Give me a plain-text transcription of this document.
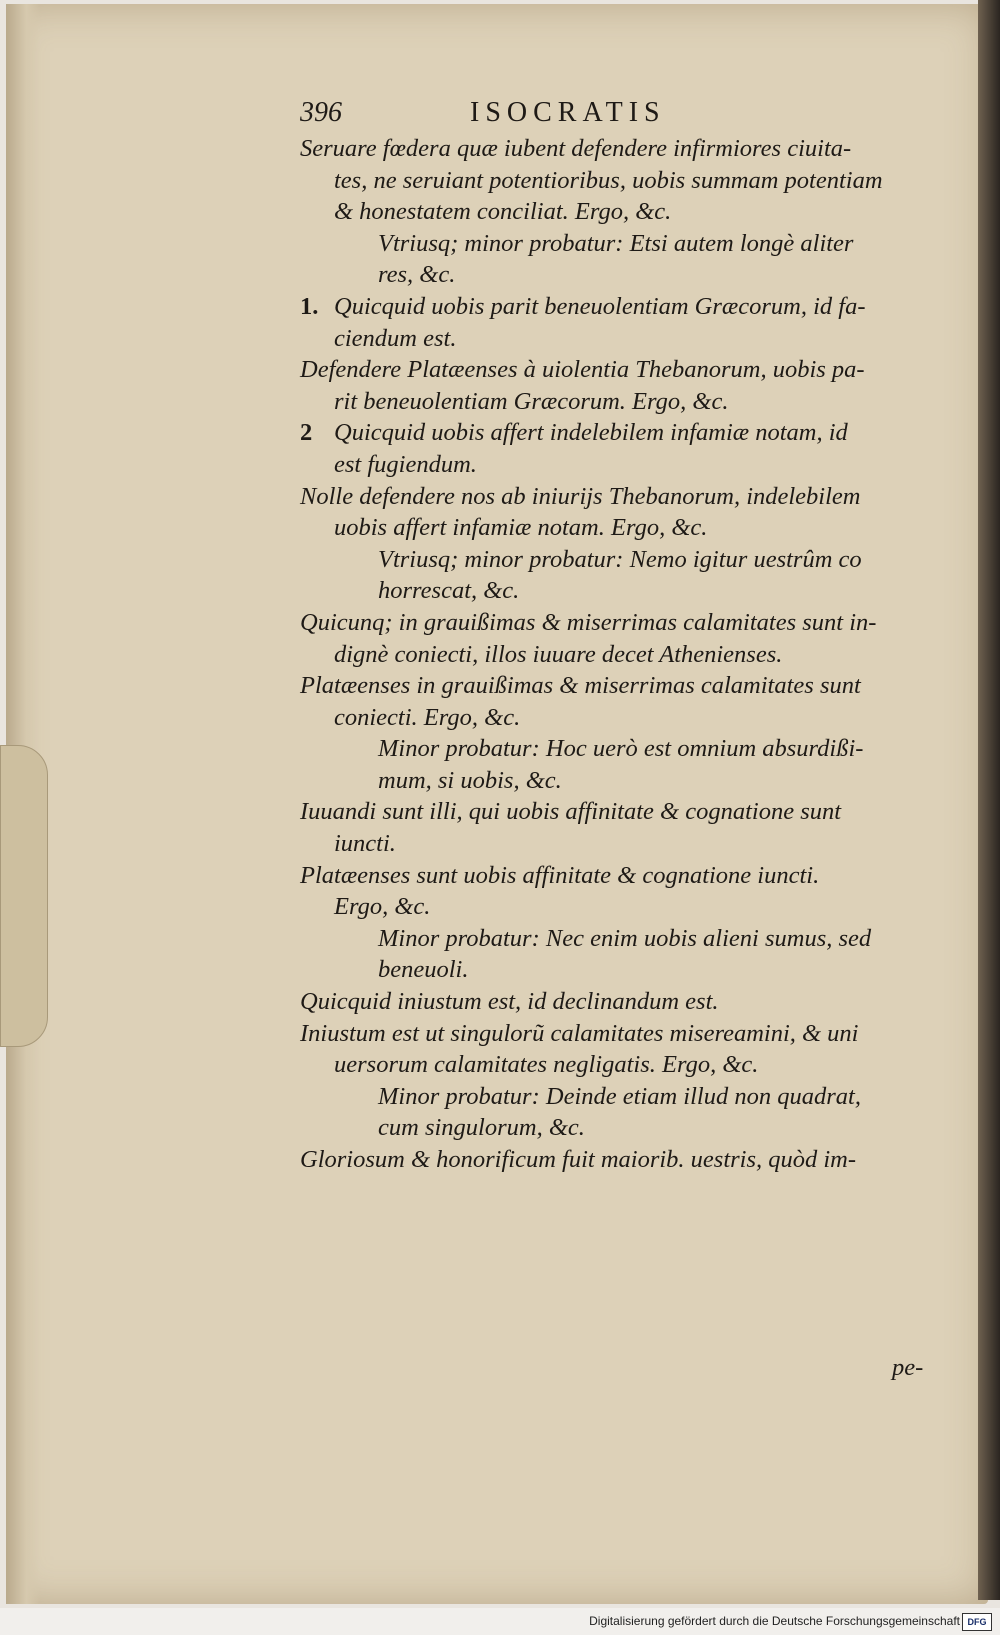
396	ISOCRATIS
Seruare fœdera quæ iubent defendere infirmiores ciuita-
tes, ne seruiant potentioribus, uobis summam potentiam
& honestatem conciliat. Ergo, &c.
Vtriusq; minor probatur: Etsi autem longè aliter
res, &c.
1. Quicquid uobis parit beneuolentiam Græcorum, id fa-
ciendum est.
Defendere Platæenses à uiolentia Thebanorum, uobis pa-
rit beneuolentiam Græcorum. Ergo, &c.
2 Quicquid uobis affert indelebilem infamiæ notam, id
est fugiendum.
Nolle defendere nos ab iniurijs Thebanorum, indelebilem
uobis affert infamiæ notam. Ergo, &c.
Vtriusq; minor probatur: Nemo igitur uestrûm co
horrescat, &c.
Quicunq; in grauißimas & miserrimas calamitates sunt in-
dignè coniecti, illos iuuare decet Athenienses.
Platæenses in grauißimas & miserrimas calamitates sunt
coniecti. Ergo, &c.
Minor probatur: Hoc uerò est omnium absurdißi-
mum, si uobis, &c.
Iuuandi sunt illi, qui uobis affinitate & cognatione sunt
iuncti.
Platæenses sunt uobis affinitate & cognatione iuncti.
Ergo, &c.
Minor probatur: Nec enim uobis alieni sumus, sed
beneuoli.
Quicquid iniustum est, id declinandum est.
Iniustum est ut singulorũ calamitates misereamini, & uni
uersorum calamitates negligatis. Ergo, &c.
Minor probatur: Deinde etiam illud non quadrat,
cum singulorum, &c.
Gloriosum & honorificum fuit maiorib. uestris, quòd im-
pe-
Digitalisierung gefördert durch die Deutsche Forschungsgemeinschaft DFG
